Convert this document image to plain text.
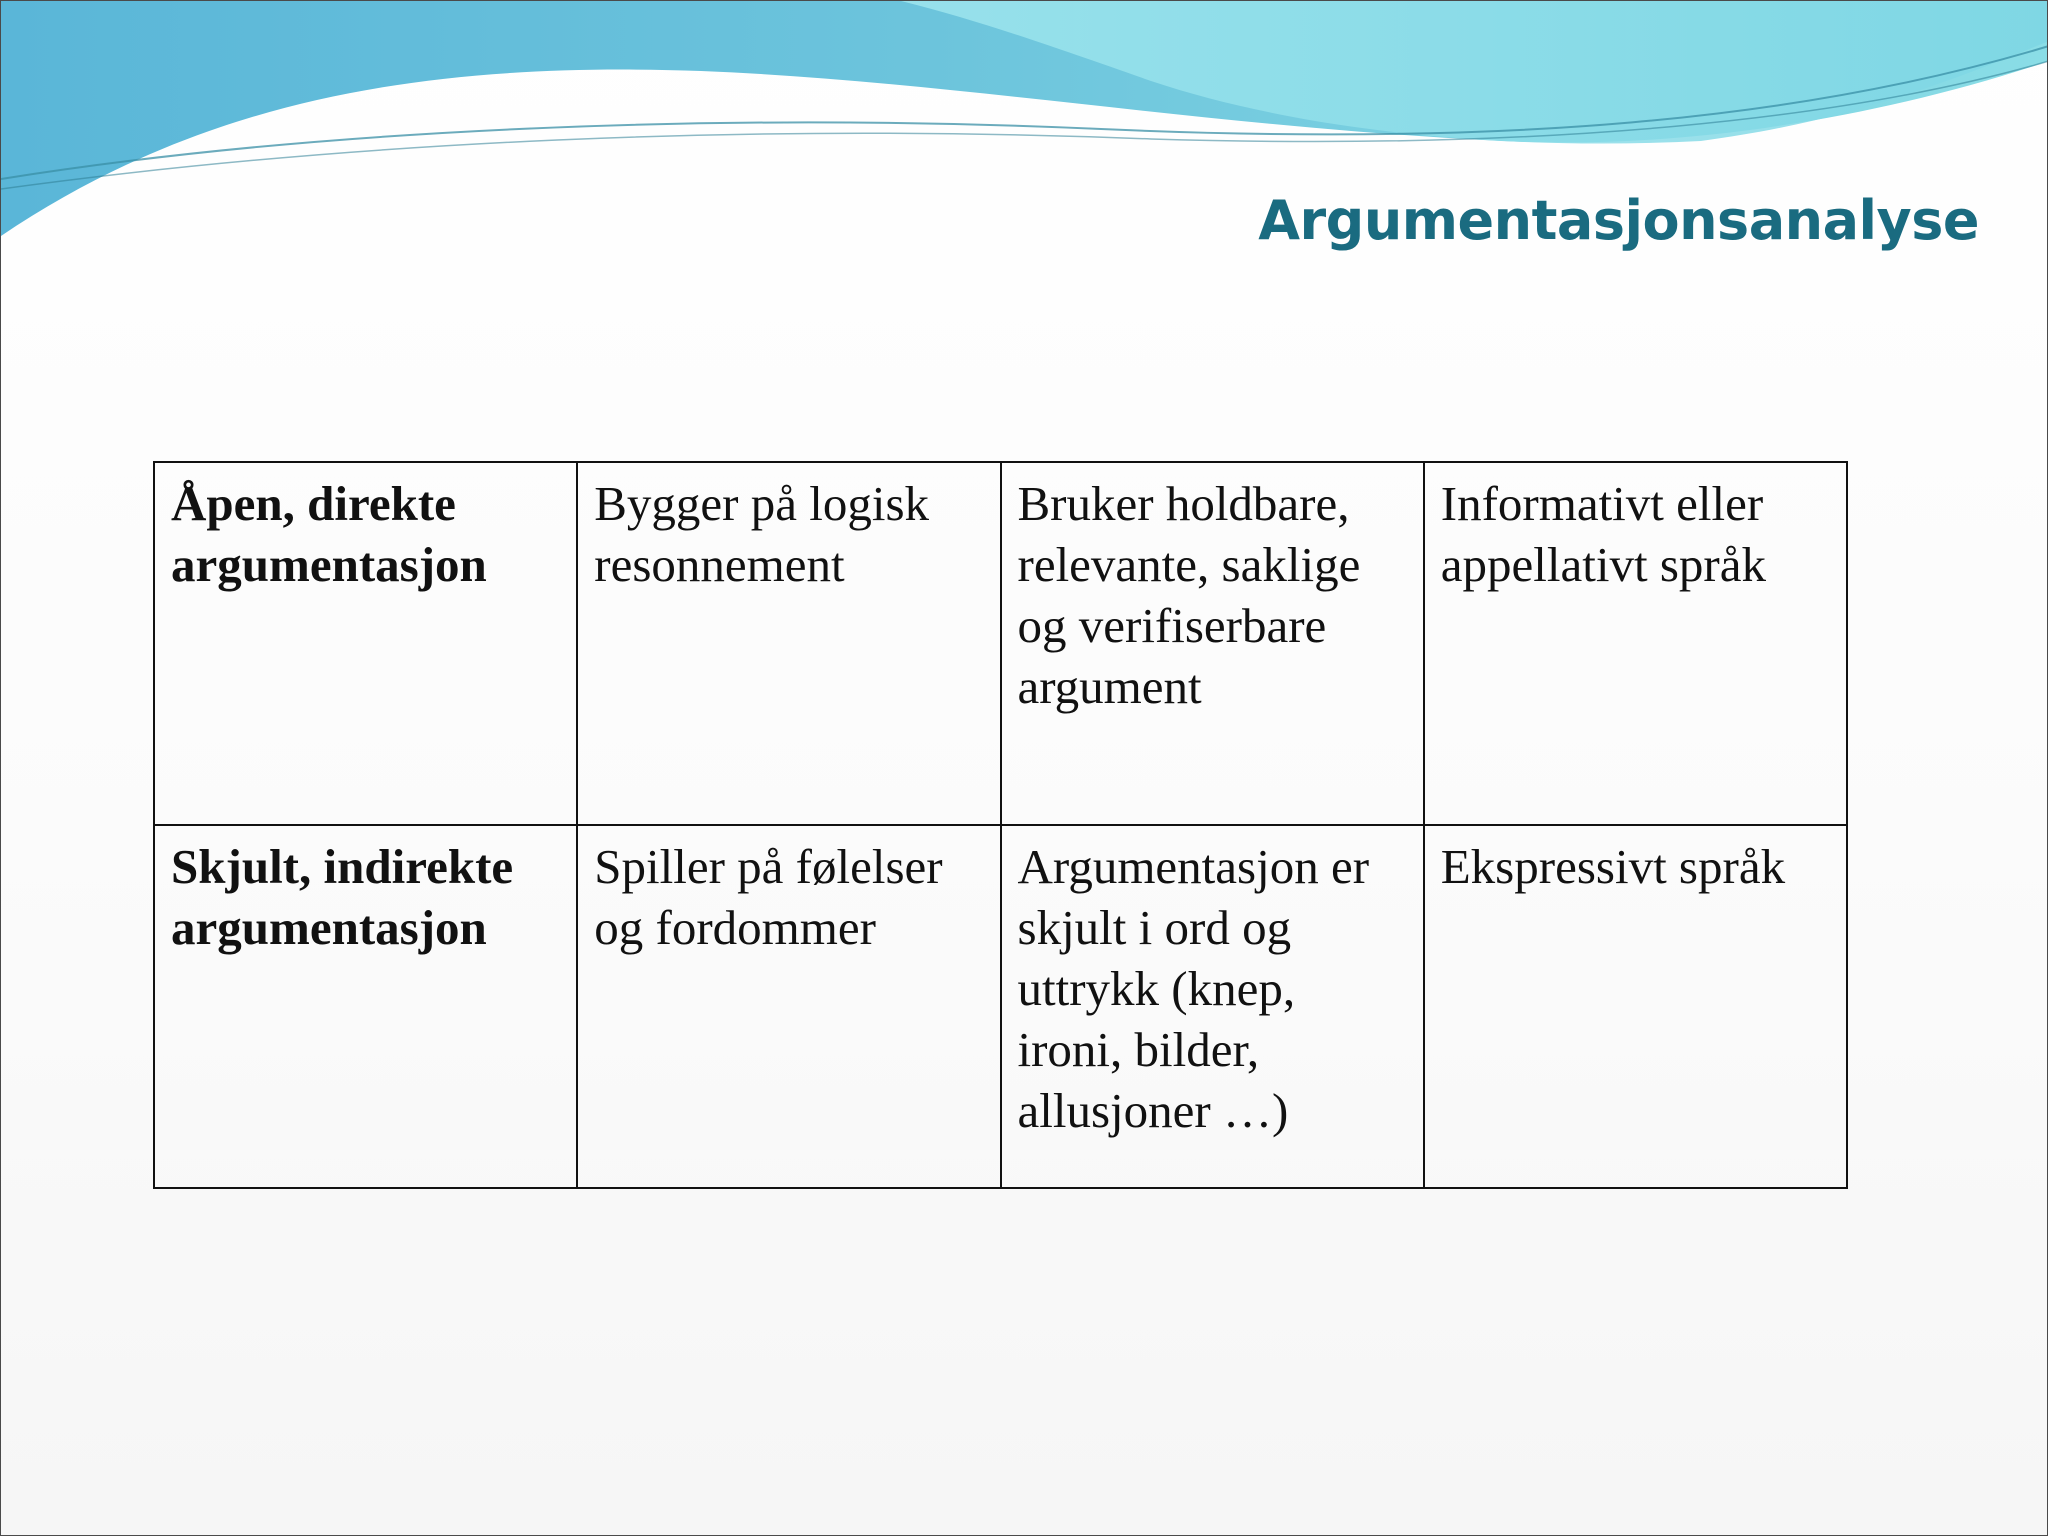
Argumentasjonsanalyse
Åpen, direkte argumentasjon	Bygger på logisk resonnement	Bruker holdbare, relevante, saklige og verifiserbare argument	Informativt eller appellativt språk
Skjult, indirekte argumentasjon	Spiller på følelser og fordommer	Argumentasjon er skjult i ord og uttrykk (knep, ironi, bilder, allusjoner …)	Ekspressivt språk
